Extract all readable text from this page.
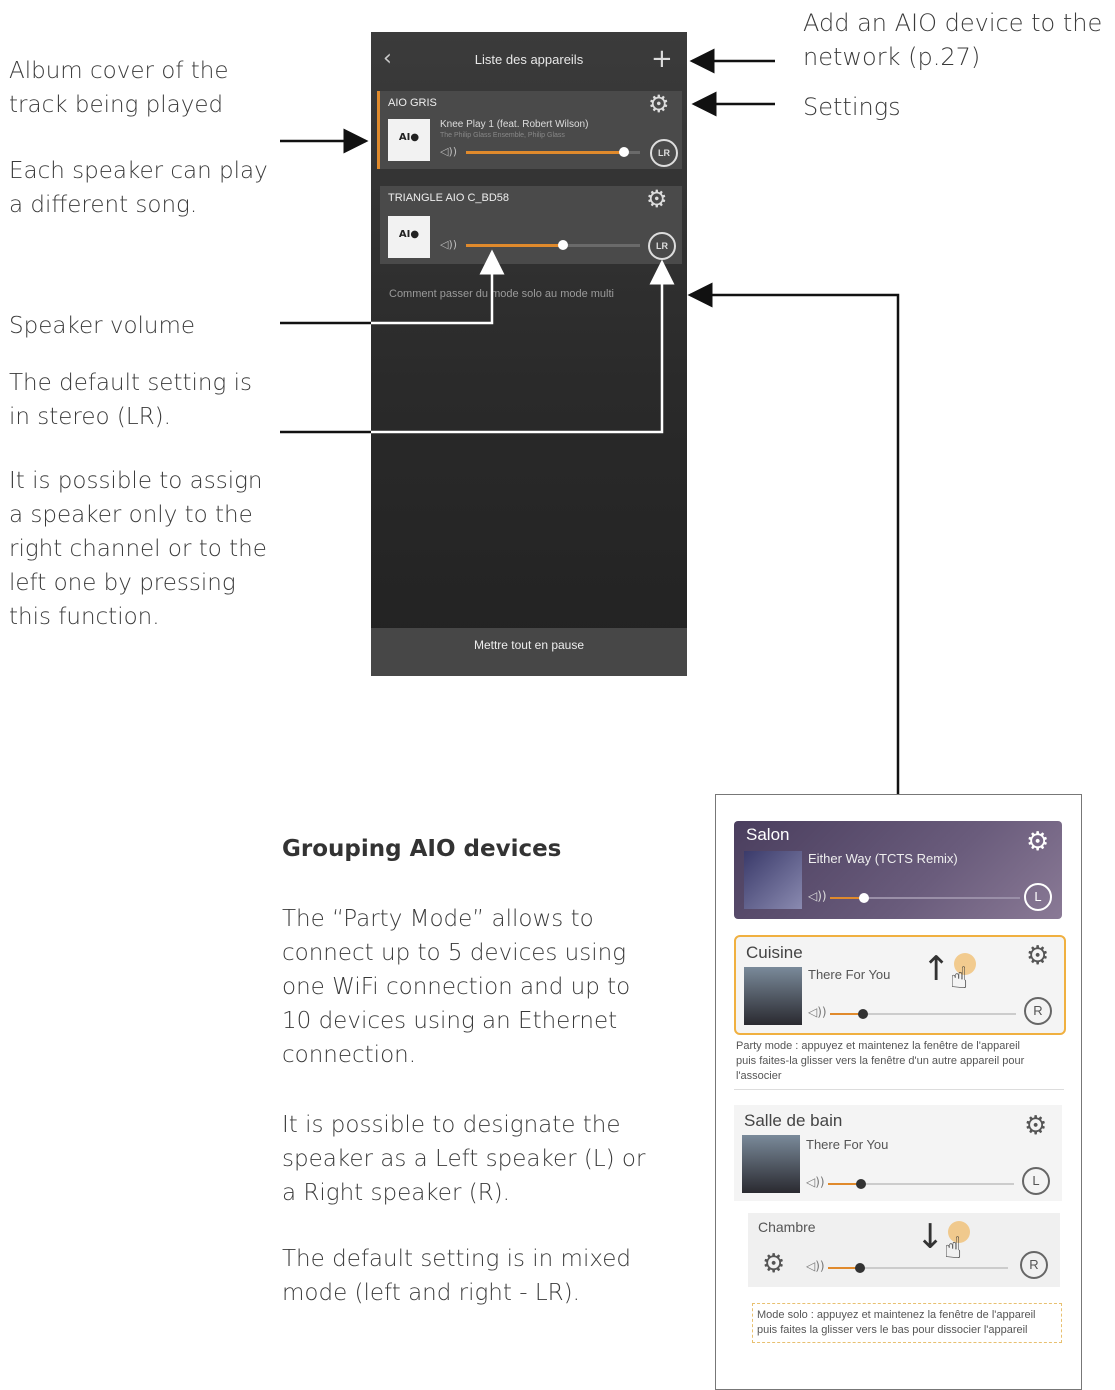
Add an AIO device to the network (p.27)
Settings
Album cover of the track being played
Each speaker can play a different song.
Speaker volume
The default setting is in stereo (LR).
It is possible to assign a speaker only to the right channel or to the left one by pressing this function.
‹	Liste des appareils	+
AIO GRIS
AI●
Knee Play 1 (feat. Robert Wilson)
The Philip Glass Ensemble, Philip Glass
◁))
⚙
LR
TRIANGLE AIO C_BD58
AI●
◁))
⚙
LR
Comment passer du mode solo au mode multi
Mettre tout en pause
Grouping AIO devices
The “Party Mode” allows to connect up to 5 devices using one WiFi connection and up to 10 devices using an Ethernet connection.
It is possible to designate the speaker as a Left speaker (L) or a Right speaker (R).
The default setting is in mixed mode (left and right - LR).
Salon
Either Way (TCTS Remix)
◁))
⚙
L
Cuisine
There For You
◁))
↑ ☝
⚙
R
Party mode : appuyez et maintenez la fenêtre de l'appareil puis faites-la glisser vers la fenêtre d'un autre appareil pour l'associer
Salle de bain
There For You
◁))
⚙
L
Chambre
⚙ ◁))
↓ ☝	R
Mode solo : appuyez et maintenez la fenêtre de l'appareil puis faites la glisser vers le bas pour dissocier l'appareil
